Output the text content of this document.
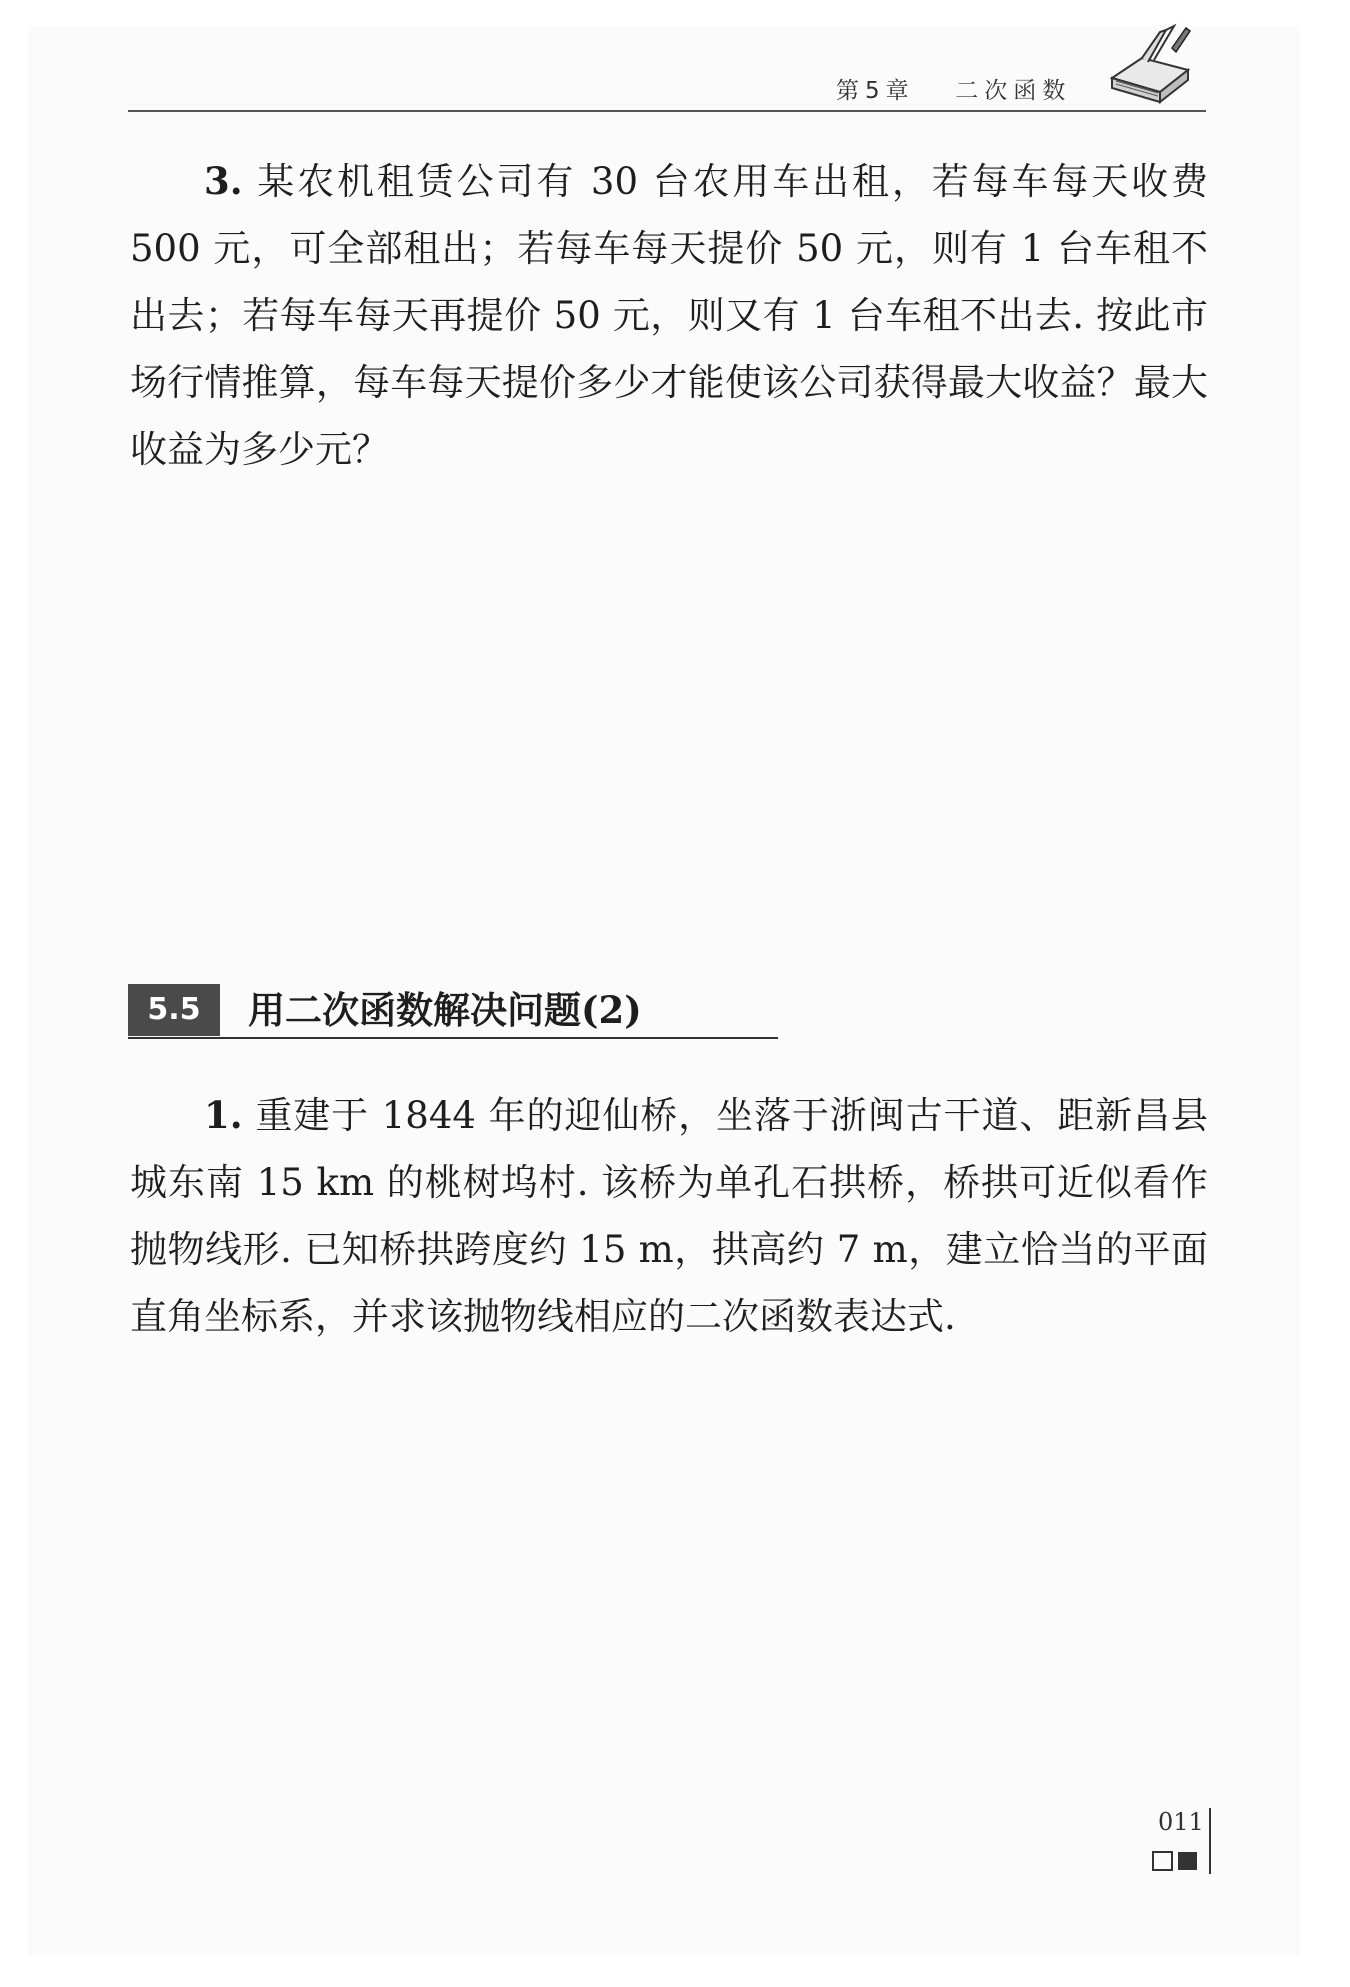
第5章 二次函数

3. 某农机租赁公司有 30 台农用车出租，若每车每天收费 500 元，可全部租出；若每车每天提价 50 元，则有 1 台车租不出去；若每车每天再提价 50 元，则又有 1 台车租不出去. 按此市场行情推算，每车每天提价多少才能使该公司获得最大收益？最大收益为多少元？

5.5	用二次函数解决问题(2)

1. 重建于 1844 年的迎仙桥，坐落于浙闽古干道、距新昌县城东南 15 km 的桃树坞村. 该桥为单孔石拱桥，桥拱可近似看作抛物线形. 已知桥拱跨度约 15 m，拱高约 7 m，建立恰当的平面直角坐标系，并求该抛物线相应的二次函数表达式.

011
